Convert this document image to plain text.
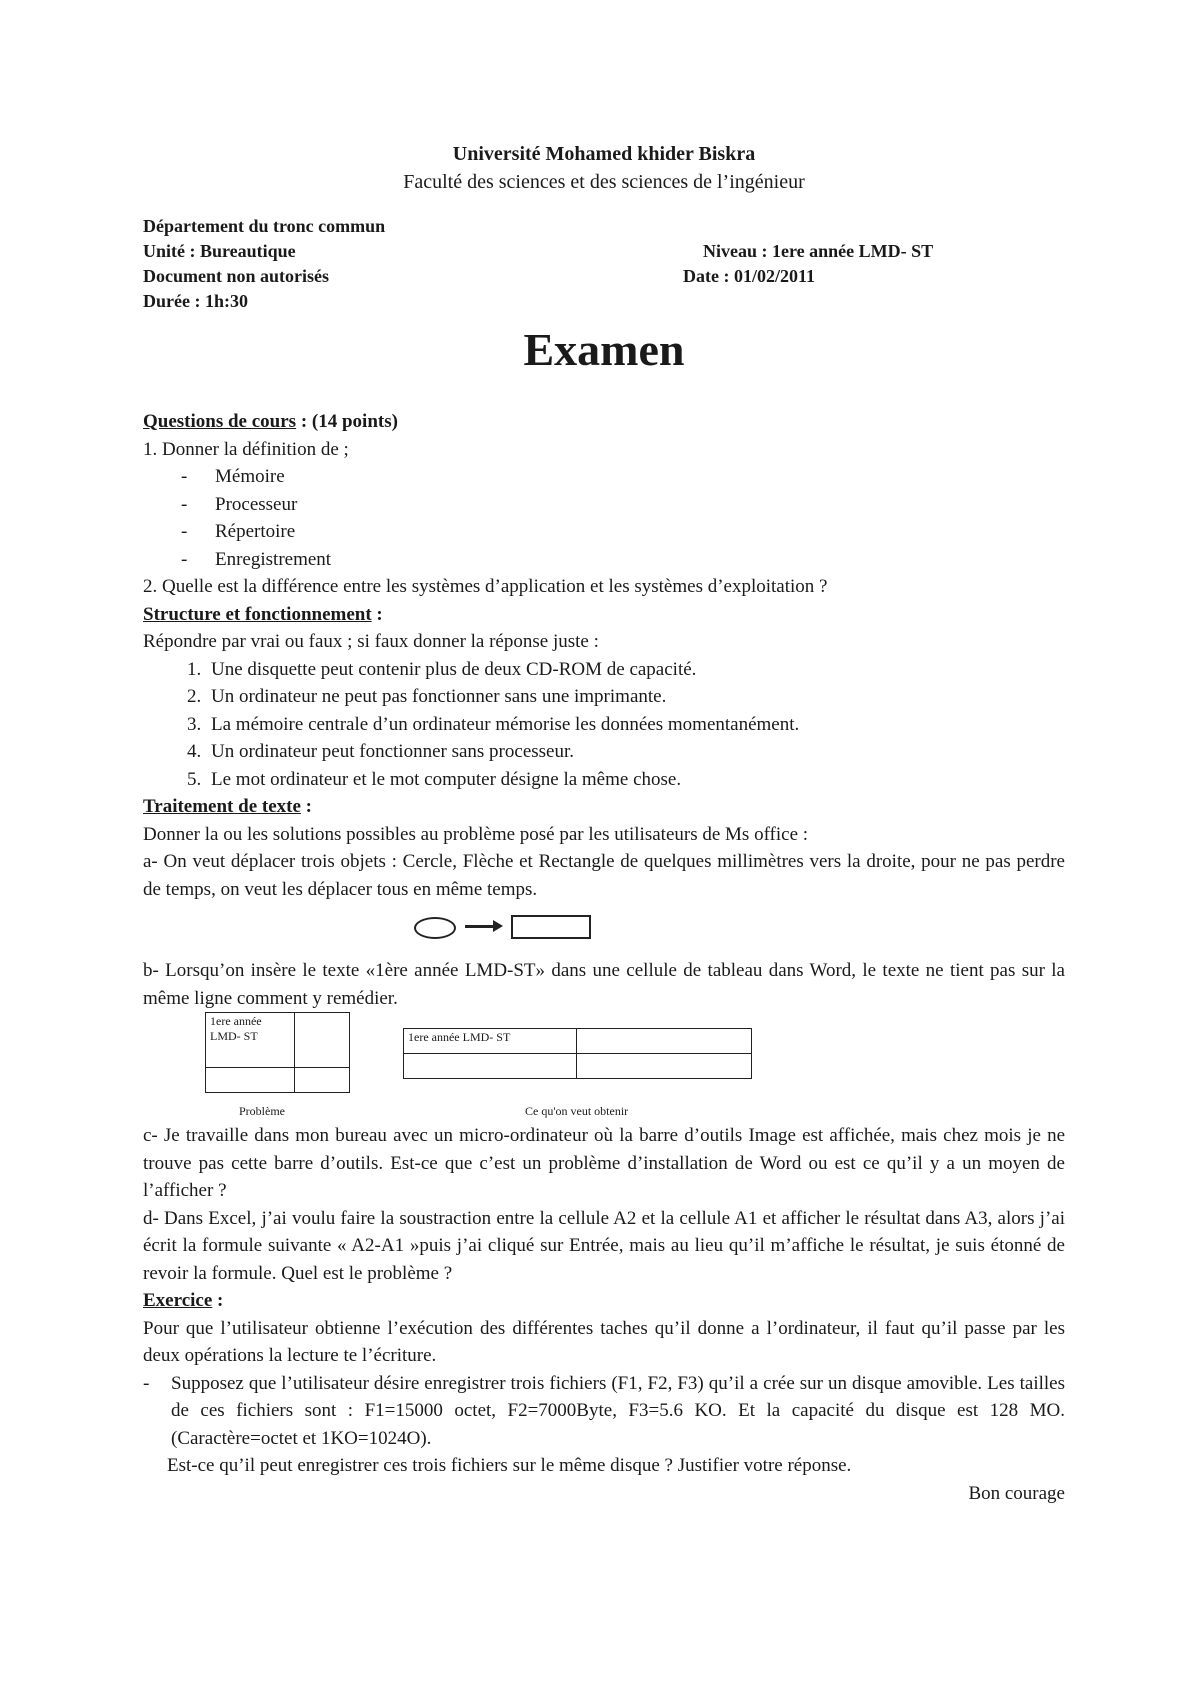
Université Mohamed khider Biskra
Faculté des sciences et des sciences de l’ingénieur
Département du tronc commun
Unité : Bureautique	Niveau : 1ere année LMD- ST
Document non autorisés	Date : 01/02/2011
Durée : 1h:30
Examen
Questions de cours : (14 points)

1. Donner la définition de ;

- Mémoire
- Processeur
- Répertoire
- Enregistrement

2. Quelle est la différence entre les systèmes d’application et les systèmes d’exploitation ?

Structure et fonctionnement :

Répondre par vrai ou faux ; si faux donner la réponse juste :

1. Une disquette peut contenir plus de deux CD-ROM de capacité.
2. Un ordinateur ne peut pas fonctionner sans une imprimante.
3. La mémoire centrale d’un ordinateur mémorise les données momentanément.
4. Un ordinateur peut fonctionner sans processeur.
5. Le mot ordinateur et le mot computer désigne la même chose.
Traitement de texte :

Donner la ou les solutions possibles au problème posé par les utilisateurs de Ms office :

a- On veut déplacer trois objets : Cercle, Flèche et Rectangle de quelques millimètres vers la droite, pour ne pas perdre de temps, on veut les déplacer tous en même temps.

b- Lorsqu’on insère le texte «1ère année LMD-ST» dans une cellule de tableau dans Word, le texte ne tient pas sur la même ligne comment y remédier.

1ere année LMD- ST	
		1ere année LMD- ST	

Problème	Ce qu'on veut obtenir

c- Je travaille dans mon bureau avec un micro-ordinateur où la barre d’outils Image est affichée, mais chez mois je ne trouve pas cette barre d’outils. Est-ce que c’est un problème d’installation de Word ou est ce qu’il y a un moyen de l’afficher ?

d- Dans Excel, j’ai voulu faire la soustraction entre la cellule A2 et la cellule A1 et afficher le résultat dans A3, alors j’ai écrit la formule suivante « A2-A1 »puis j’ai cliqué sur Entrée, mais au lieu qu’il m’affiche le résultat, je suis étonné de revoir la formule. Quel est le problème ?

Exercice :

Pour que l’utilisateur obtienne l’exécution des différentes taches qu’il donne a l’ordinateur, il faut qu’il passe par les deux opérations la lecture te l’écriture.

- Supposez que l’utilisateur désire enregistrer trois fichiers (F1, F2, F3) qu’il a crée sur un disque amovible. Les tailles de ces fichiers sont : F1=15000 octet, F2=7000Byte, F3=5.6 KO. Et la capacité du disque est 128 MO. (Caractère=octet et 1KO=1024O).

Est-ce qu’il peut enregistrer ces trois fichiers sur le même disque ? Justifier votre réponse.

Bon courage
